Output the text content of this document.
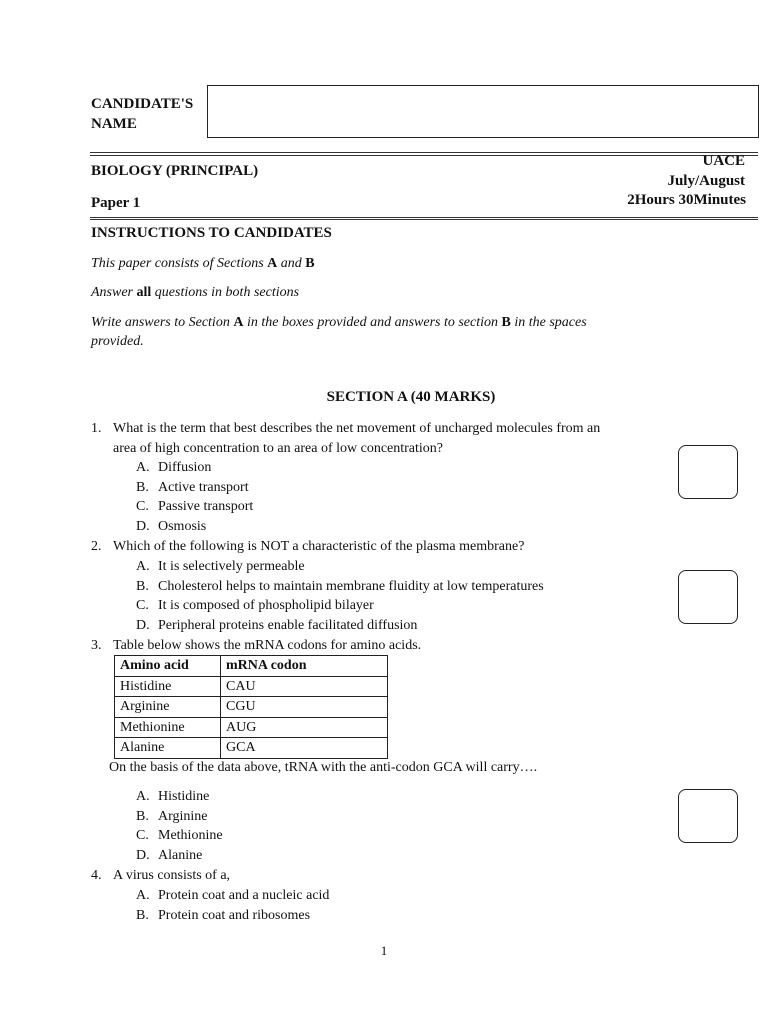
CANDIDATE'S
NAME
BIOLOGY (PRINCIPAL)
Paper 1
UACE
July/August
2Hours 30Minutes
INSTRUCTIONS TO CANDIDATES
This paper consists of Sections A and B
Answer all questions in both sections
Write answers to Section A in the boxes provided and answers to section B in the spaces
provided.
SECTION A (40 MARKS)
1. What is the term that best describes the net movement of uncharged molecules from an
area of high concentration to an area of low concentration?
A. Diffusion
B. Active transport
C. Passive transport
D. Osmosis
2. Which of the following is NOT a characteristic of the plasma membrane?
A. It is selectively permeable
B. Cholesterol helps to maintain membrane fluidity at low temperatures
C. It is composed of phospholipid bilayer
D. Peripheral proteins enable facilitated diffusion
3. Table below shows the mRNA codons for amino acids.
Amino acid	mRNA codon
Histidine	CAU
Arginine	CGU
Methionine	AUG
Alanine	GCA
On the basis of the data above, tRNA with the anti-codon GCA will carry….
A. Histidine
B. Arginine
C. Methionine
D. Alanine
4. A virus consists of a,
A. Protein coat and a nucleic acid
B. Protein coat and ribosomes
1
